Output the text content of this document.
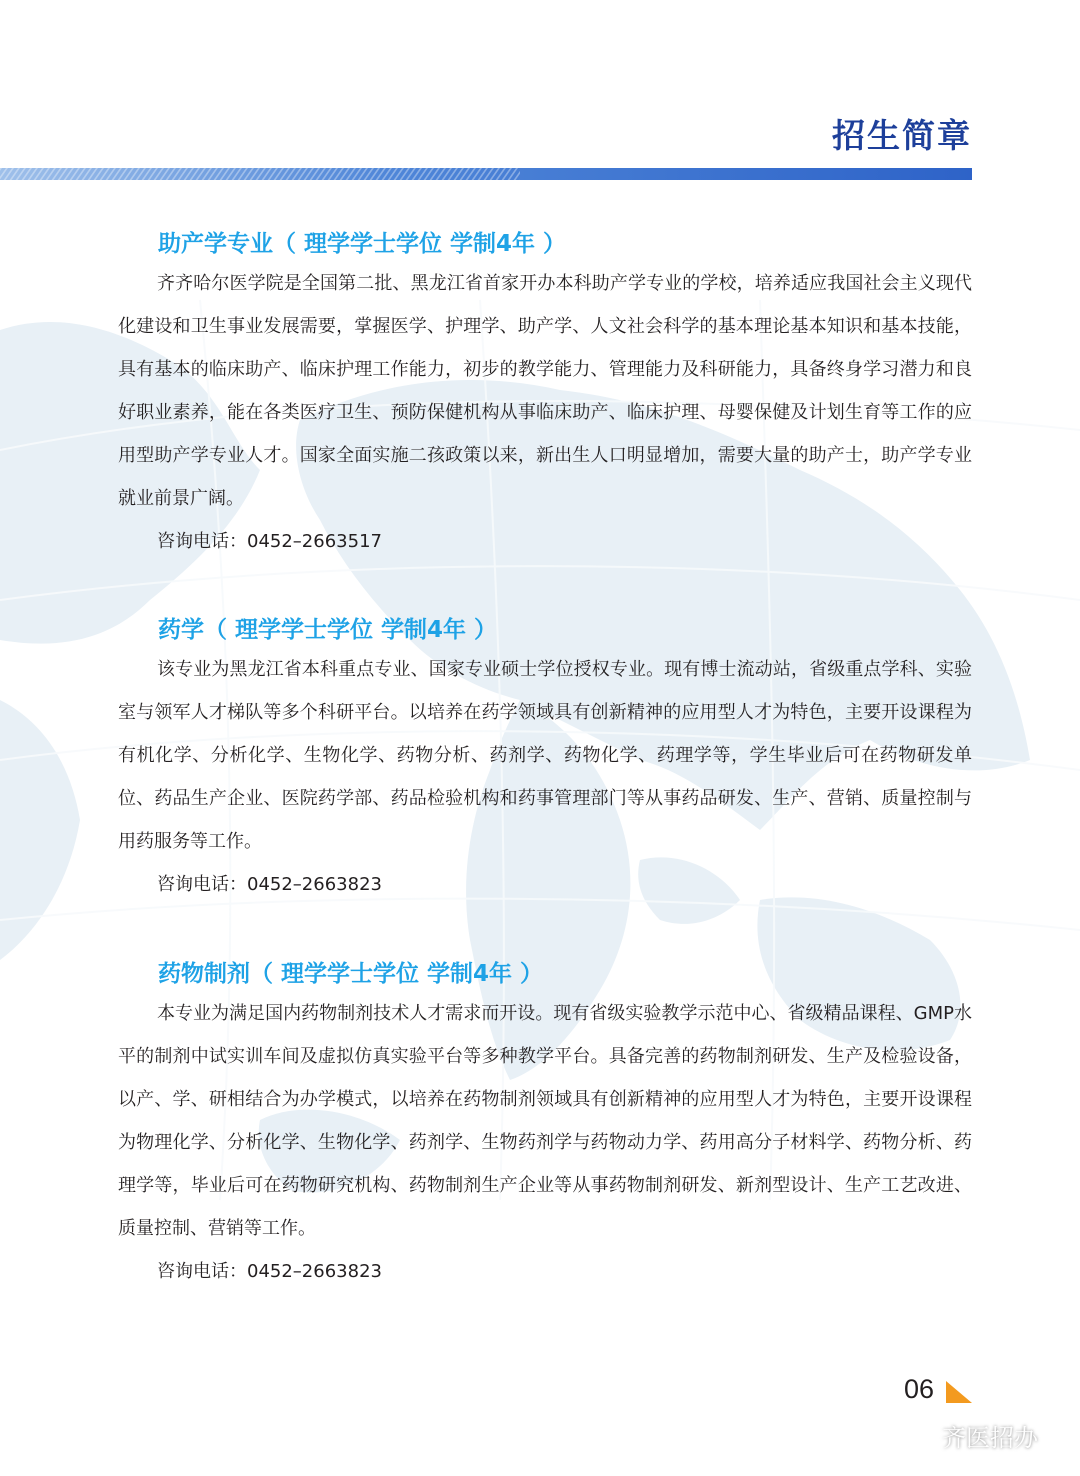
招生简章
助产学专业（ 理学学士学位 学制4年 ）

齐齐哈尔医学院是全国第二批、黑龙江省首家开办本科助产学专业的学校，培养适应我国社会主义现代化建设和卫生事业发展需要，掌握医学、护理学、助产学、人文社会科学的基本理论基本知识和基本技能，具有基本的临床助产、临床护理工作能力，初步的教学能力、管理能力及科研能力，具备终身学习潜力和良好职业素养，能在各类医疗卫生、预防保健机构从事临床助产、临床护理、母婴保健及计划生育等工作的应用型助产学专业人才。国家全面实施二孩政策以来，新出生人口明显增加，需要大量的助产士，助产学专业就业前景广阔。

咨询电话：0452–2663517
药学（ 理学学士学位 学制4年 ）

该专业为黑龙江省本科重点专业、国家专业硕士学位授权专业。现有博士流动站，省级重点学科、实验室与领军人才梯队等多个科研平台。以培养在药学领域具有创新精神的应用型人才为特色，主要开设课程为有机化学、分析化学、生物化学、药物分析、药剂学、药物化学、药理学等，学生毕业后可在药物研发单位、药品生产企业、医院药学部、药品检验机构和药事管理部门等从事药品研发、生产、营销、质量控制与用药服务等工作。

咨询电话：0452–2663823
药物制剂（ 理学学士学位 学制4年 ）

本专业为满足国内药物制剂技术人才需求而开设。现有省级实验教学示范中心、省级精品课程、GMP水平的制剂中试实训车间及虚拟仿真实验平台等多种教学平台。具备完善的药物制剂研发、生产及检验设备，以产、学、研相结合为办学模式，以培养在药物制剂领域具有创新精神的应用型人才为特色，主要开设课程为物理化学、分析化学、生物化学、药剂学、生物药剂学与药物动力学、药用高分子材料学、药物分析、药理学等，毕业后可在药物研究机构、药物制剂生产企业等从事药物制剂研发、新剂型设计、生产工艺改进、质量控制、营销等工作。

咨询电话：0452–2663823
06
齐医招办
